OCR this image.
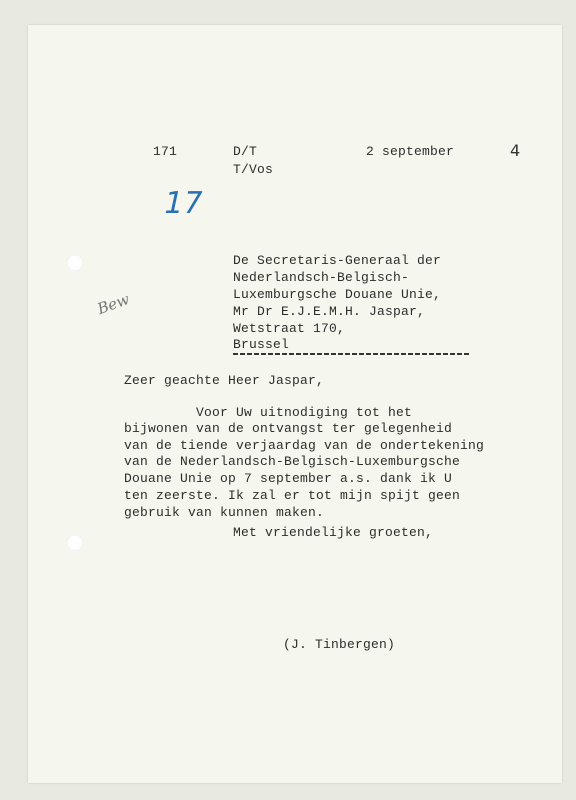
171	D/T
T/Vos
2 september	4
17
Bew
De Secretaris-Generaal der
Nederlandsch-Belgisch-
Luxemburgsche Douane Unie,
Mr Dr E.J.E.M.H. Jaspar,
Wetstraat 170,
Brussel
Zeer geachte Heer Jaspar,
Voor Uw uitnodiging tot het
bijwonen van de ontvangst ter gelegenheid
van de tiende verjaardag van de ondertekening
van de Nederlandsch-Belgisch-Luxemburgsche
Douane Unie op 7 september a.s. dank ik U
ten zeerste. Ik zal er tot mijn spijt geen
gebruik van kunnen maken.
Met vriendelijke groeten,
(J. Tinbergen)
